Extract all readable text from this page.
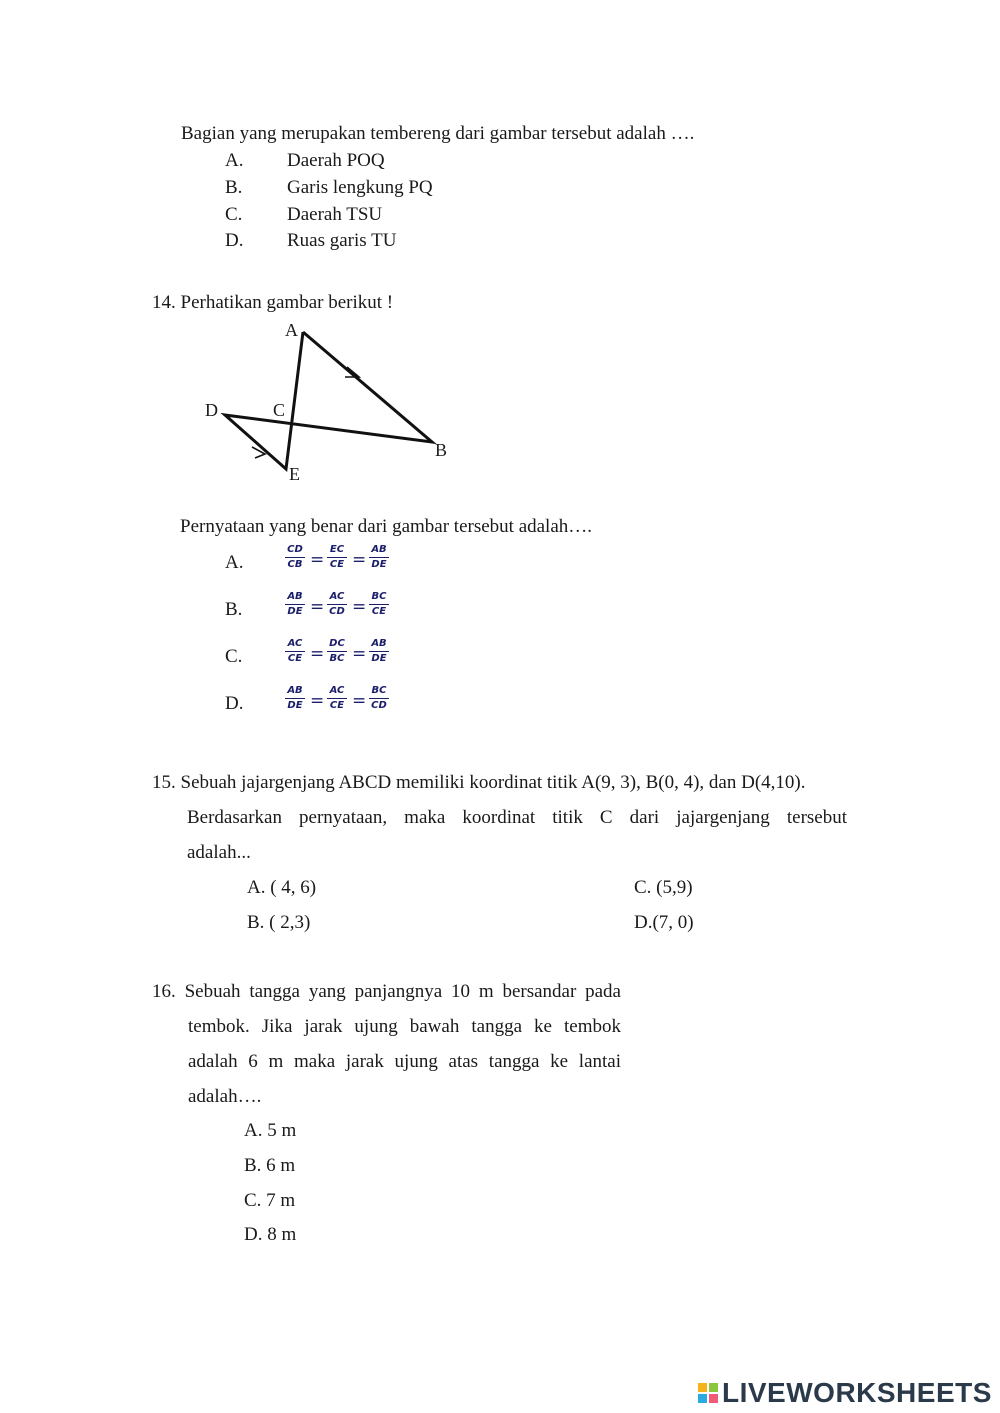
Bagian yang merupakan tembereng dari gambar tersebut adalah ….
A. Daerah POQ
B. Garis lengkung PQ
C. Daerah TSU
D. Ruas garis TU
14. Perhatikan gambar berikut !
A
B
C
D
E
Pernyataan yang benar dari gambar tersebut adalah….
A.	$\frac{CD}{CB} \frac{EC}{CE} \frac{AB}{DE}$
= =
B.	$\frac{AB}{DE} \frac{AC}{CD} \frac{BC}{CE}$
= =
C.	$\frac{AC}{CE} \frac{DC}{BC} \frac{AB}{DE}$
= =
D.	$\frac{AB}{DE} \frac{AC}{CE} \frac{BC}{CD}$
= =
15. Sebuah jajargenjang ABCD memiliki koordinat titik A(9, 3), B(0, 4), dan D(4,10).
Berdasarkan pernyataan, maka koordinat titik C dari jajargenjang tersebut
adalah...
A. ( 4, 6)
B. ( 2,3)
C. (5,9)
D.(7, 0)
16. Sebuah tangga yang panjangnya 10 m bersandar pada
tembok. Jika jarak ujung bawah tangga ke tembok
adalah 6 m maka jarak ujung atas tangga ke lantai
adalah….
A. 5 m
B. 6 m
C. 7 m
D. 8 m
LIVEWORKSHEETS
